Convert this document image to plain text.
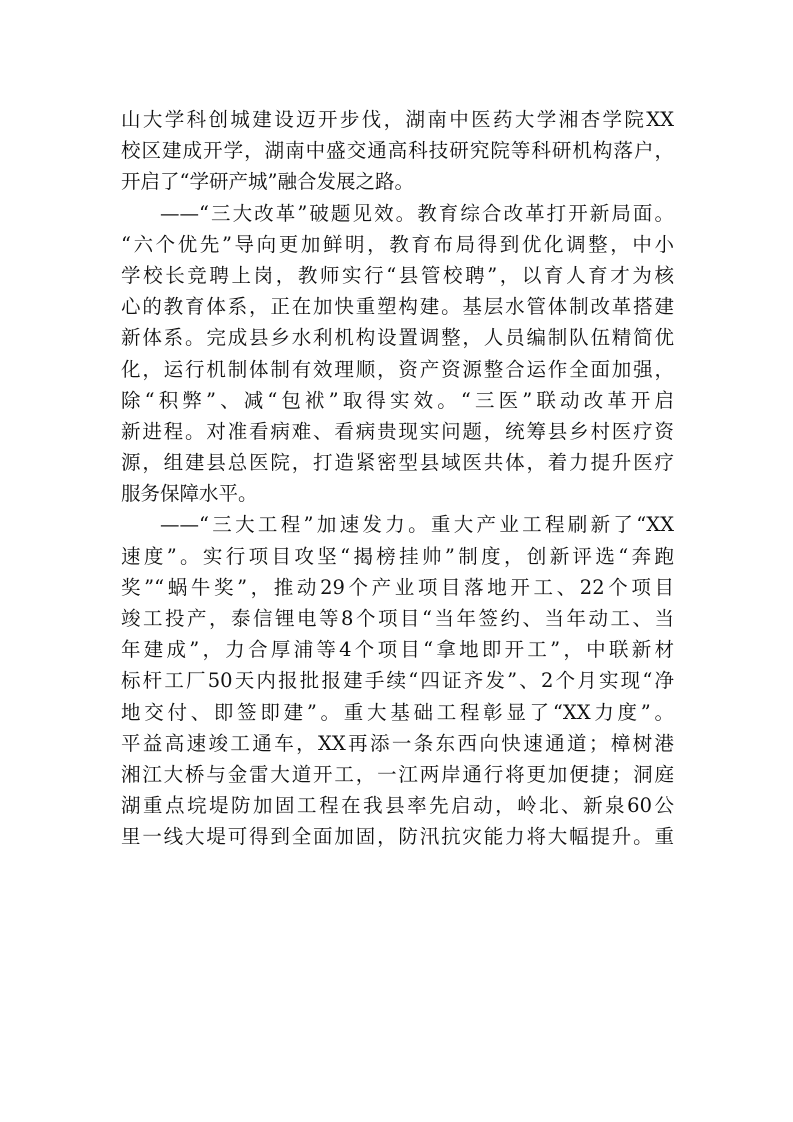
山大学科创城建设迈开步伐，湖南中医药大学湘杏学院XX
校区建成开学，湖南中盛交通高科技研究院等科研机构落户，
开启了“学研产城”融合发展之路。
——“三大改革”破题见效。教育综合改革打开新局面。
“六个优先”导向更加鲜明，教育布局得到优化调整，中小
学校长竞聘上岗，教师实行“县管校聘”，以育人育才为核
心的教育体系，正在加快重塑构建。基层水管体制改革搭建
新体系。完成县乡水利机构设置调整，人员编制队伍精简优
化，运行机制体制有效理顺，资产资源整合运作全面加强，
除“积弊”、减“包袱”取得实效。“三医”联动改革开启
新进程。对准看病难、看病贵现实问题，统筹县乡村医疗资
源，组建县总医院，打造紧密型县域医共体，着力提升医疗
服务保障水平。
——“三大工程”加速发力。重大产业工程刷新了“XX
速度”。实行项目攻坚“揭榜挂帅”制度，创新评选“奔跑
奖”“蜗牛奖”，推动29个产业项目落地开工、22个项目
竣工投产，泰信锂电等8个项目“当年签约、当年动工、当
年建成”，力合厚浦等4个项目“拿地即开工”，中联新材
标杆工厂50天内报批报建手续“四证齐发”、2个月实现“净
地交付、即签即建”。重大基础工程彰显了“XX力度”。
平益高速竣工通车，XX再添一条东西向快速通道；樟树港
湘江大桥与金雷大道开工，一江两岸通行将更加便捷；洞庭
湖重点垸堤防加固工程在我县率先启动，岭北、新泉60公
里一线大堤可得到全面加固，防汛抗灾能力将大幅提升。重
